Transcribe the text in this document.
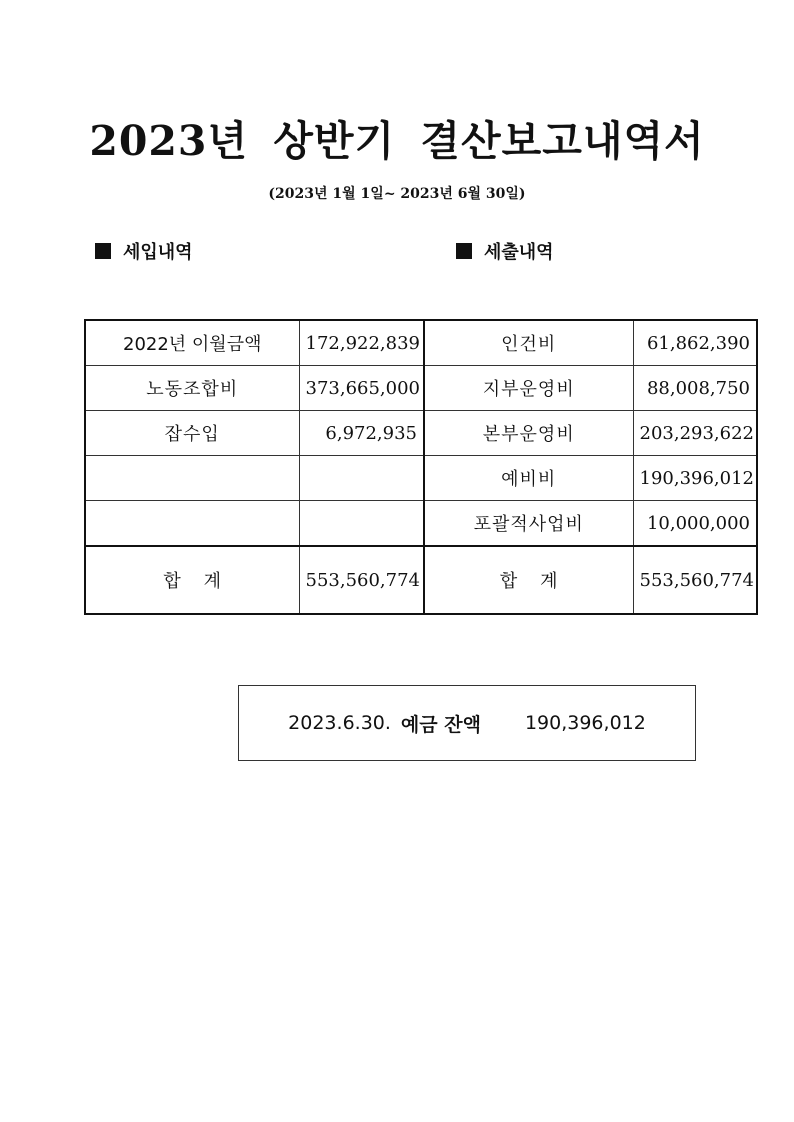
2023년 상반기 결산보고내역서
(2023년 1월 1일~ 2023년 6월 30일)
세입내역	세출내역
2022년 이월금액	172,922,839	인건비	61,862,390
노동조합비	373,665,000	지부운영비	88,008,750
잡수입	6,972,935	본부운영비	203,293,622
		예비비	190,396,012
		포괄적사업비	10,000,000
합    계	553,560,774	합    계	553,560,774
2023.6.30. 예금 잔액 190,396,012
